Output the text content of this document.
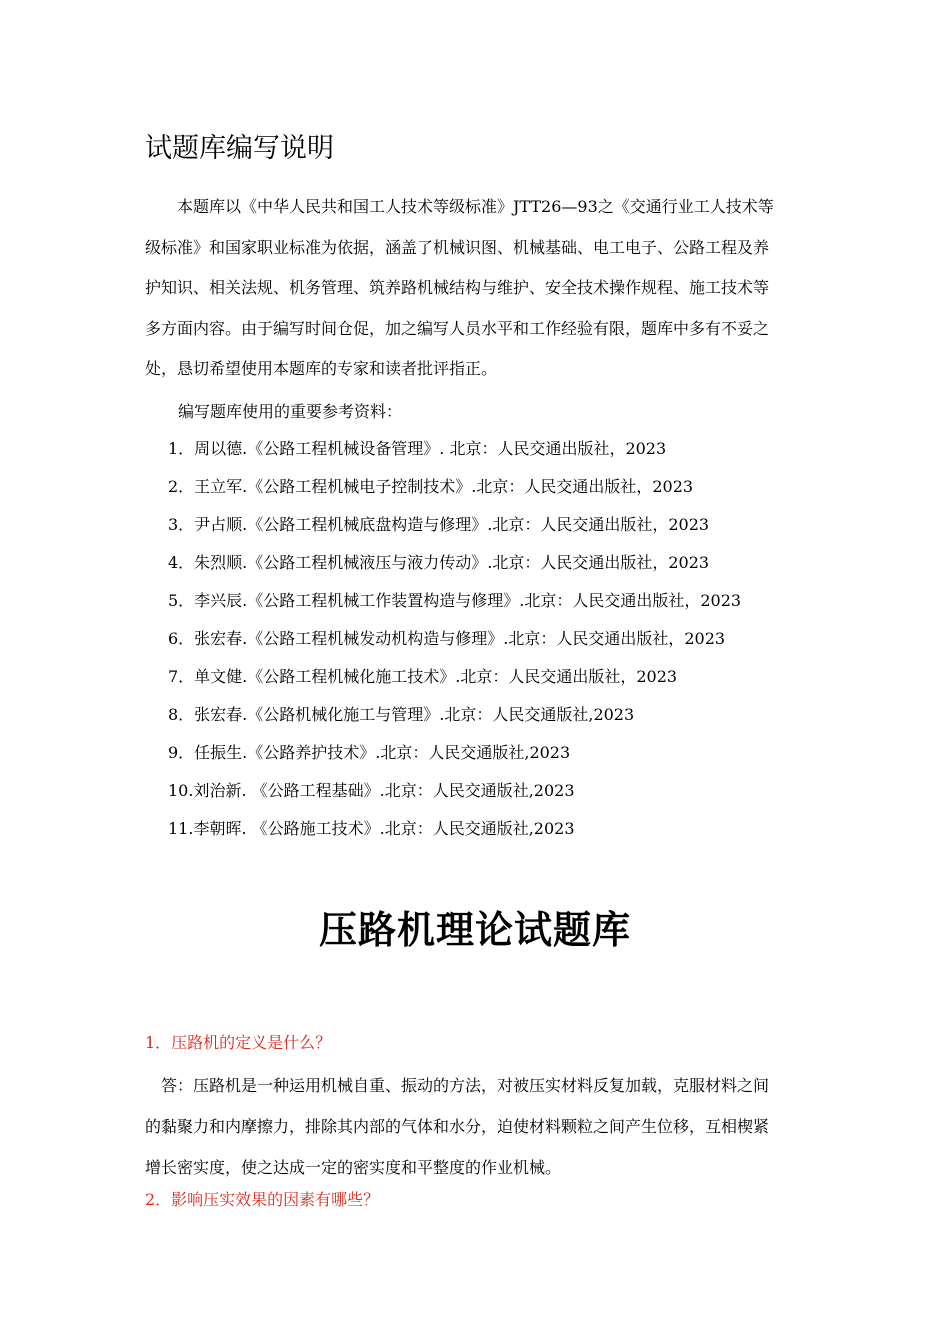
试题库编写说明
本题库以《中华人民共和国工人技术等级标准》JTT26—93之《交通行业工人技术等
级标准》和国家职业标准为依据，涵盖了机械识图、机械基础、电工电子、公路工程及养
护知识、相关法规、机务管理、筑养路机械结构与维护、安全技术操作规程、施工技术等
多方面内容。由于编写时间仓促，加之编写人员水平和工作经验有限，题库中多有不妥之
处，恳切希望使用本题库的专家和读者批评指正。
编写题库使用的重要参考资料：
1．周以德.《公路工程机械设备管理》. 北京：人民交通出版社，2023
2．王立军.《公路工程机械电子控制技术》.北京：人民交通出版社，2023
3．尹占顺.《公路工程机械底盘构造与修理》.北京：人民交通出版社，2023
4．朱烈顺.《公路工程机械液压与液力传动》.北京：人民交通出版社，2023
5．李兴辰.《公路工程机械工作装置构造与修理》.北京：人民交通出版社，2023
6．张宏春.《公路工程机械发动机构造与修理》.北京：人民交通出版社，2023
7．单文健.《公路工程机械化施工技术》.北京：人民交通出版社，2023
8．张宏春.《公路机械化施工与管理》.北京：人民交通版社,2023
9．任振生.《公路养护技术》.北京：人民交通版社,2023
10.刘治新. 《公路工程基础》.北京：人民交通版社,2023
11.李朝晖. 《公路施工技术》.北京：人民交通版社,2023
压路机理论试题库
1．压路机的定义是什么？
答：压路机是一种运用机械自重、振动的方法，对被压实材料反复加载，克服材料之间
的黏聚力和内摩擦力，排除其内部的气体和水分，迫使材料颗粒之间产生位移，互相楔紧
增长密实度，使之达成一定的密实度和平整度的作业机械。
2．影响压实效果的因素有哪些？
